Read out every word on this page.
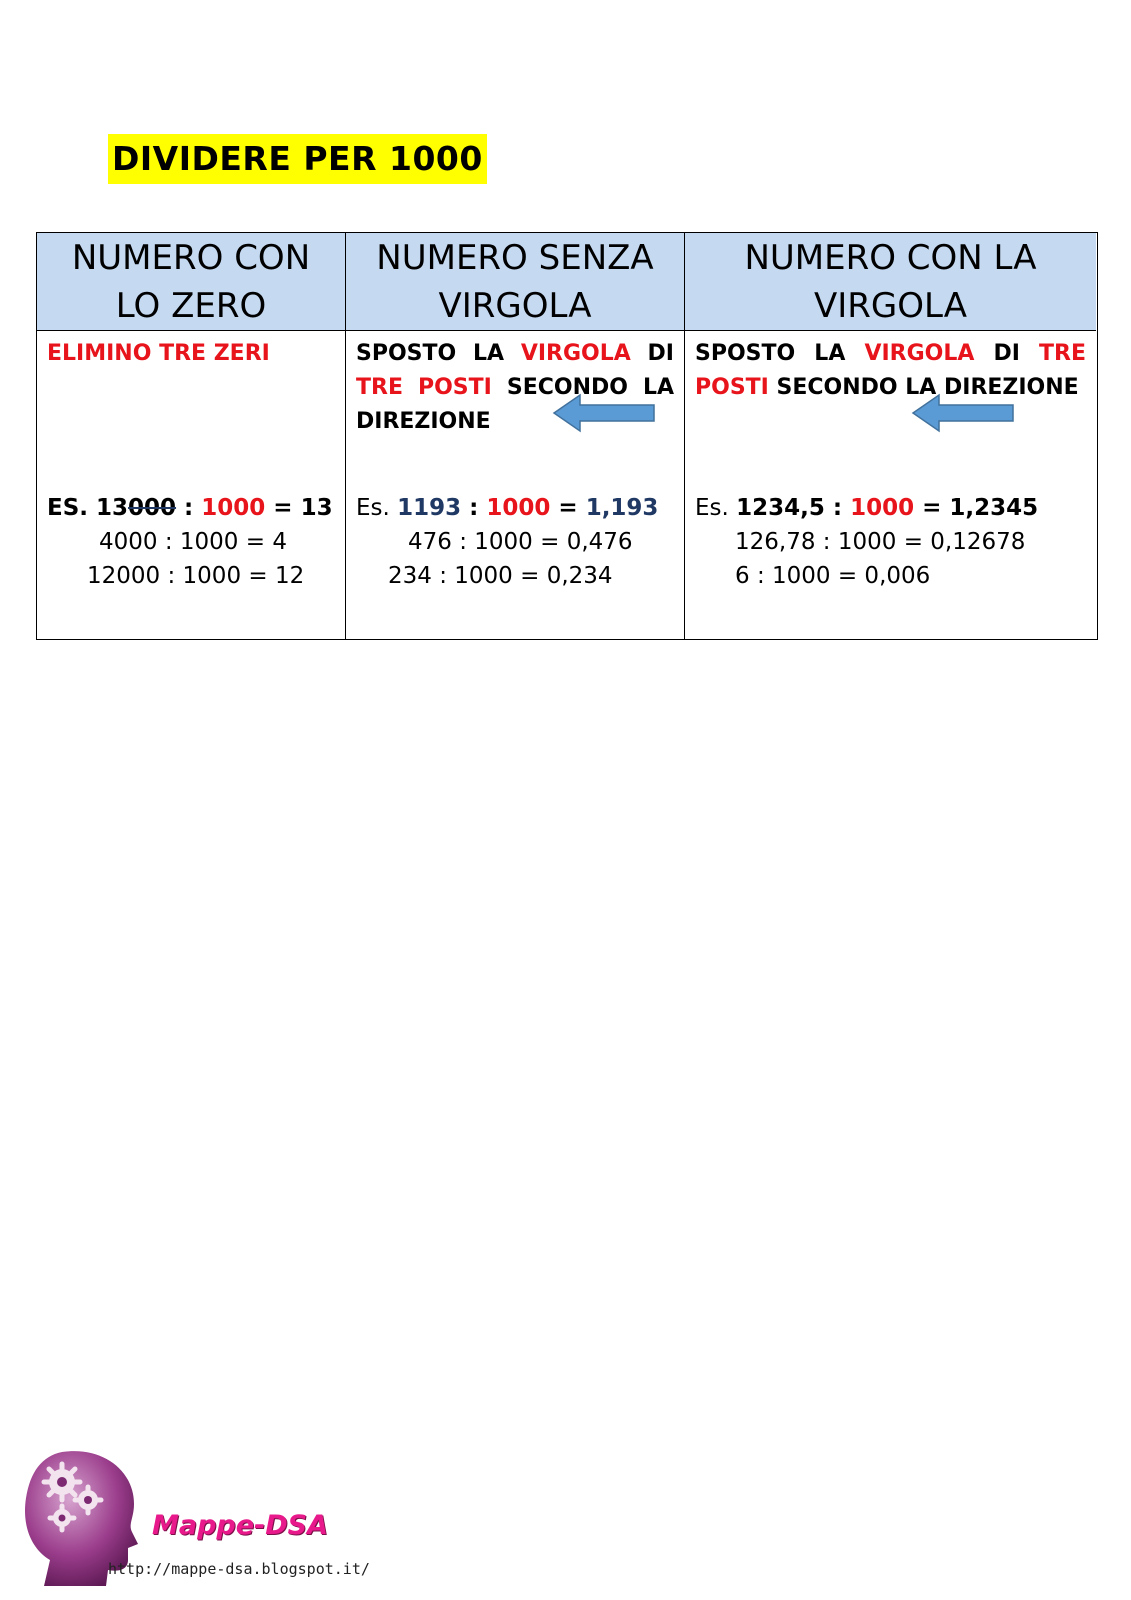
DIVIDERE PER 1000
NUMERO CON LO ZERO
ELIMINO TRE ZERI
ES. 13000 : 1000 = 13
4000 : 1000 = 4
12000 : 1000 = 12
NUMERO SENZA VIRGOLA
SPOSTO LA VIRGOLA DI TRE POSTI SECONDO LA DIREZIONE
Es. 1193 : 1000 = 1,193
476 : 1000 = 0,476
234 : 1000 = 0,234
NUMERO CON LA VIRGOLA
SPOSTO LA VIRGOLA DI TRE POSTI SECONDO LA DIREZIONE
Es. 1234,5 : 1000 = 1,2345
126,78 : 1000 = 0,12678
6 : 1000 = 0,006
Mappe-DSA
http://mappe-dsa.blogspot.it/
